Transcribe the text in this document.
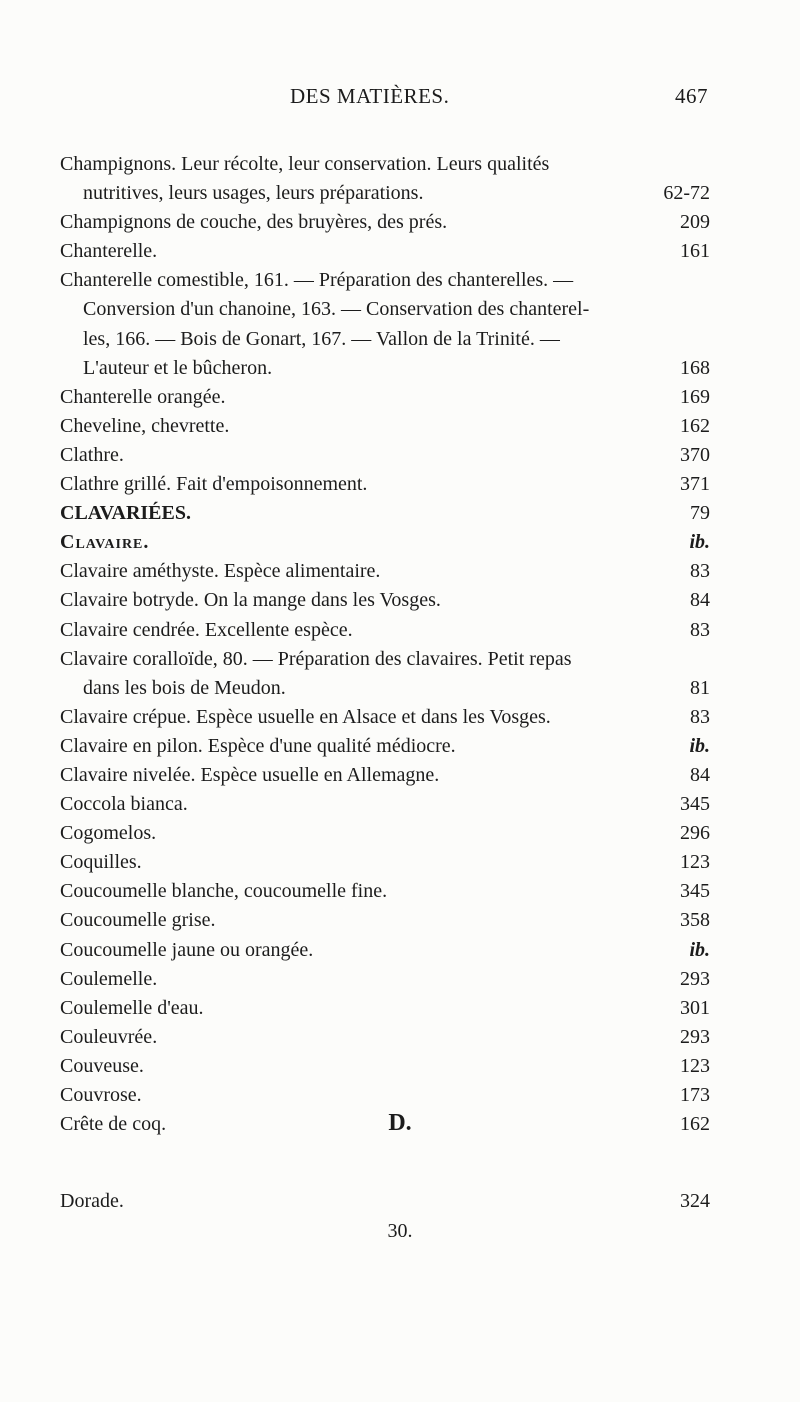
DES MATIÈRES.	467
Champignons. Leur récolte, leur conservation. Leurs qualités
nutritives, leurs usages, leurs préparations.	62-72
Champignons de couche, des bruyères, des prés.	209
Chanterelle.	161
Chanterelle comestible, 161. — Préparation des chanterelles. —
Conversion d'un chanoine, 163. — Conservation des chanterel-
les, 166. — Bois de Gonart, 167. — Vallon de la Trinité. —
L'auteur et le bûcheron.	168
Chanterelle orangée.	169
Cheveline, chevrette.	162
Clathre.	370
Clathre grillé. Fait d'empoisonnement.	371
CLAVARIÉES.	79
Clavaire.	ib.
Clavaire améthyste. Espèce alimentaire.	83
Clavaire botryde. On la mange dans les Vosges.	84
Clavaire cendrée. Excellente espèce.	83
Clavaire coralloïde, 80. — Préparation des clavaires. Petit repas
dans les bois de Meudon.	81
Clavaire crépue. Espèce usuelle en Alsace et dans les Vosges.	83
Clavaire en pilon. Espèce d'une qualité médiocre.	ib.
Clavaire nivelée. Espèce usuelle en Allemagne.	84
Coccola bianca.	345
Cogomelos.	296
Coquilles.	123
Coucoumelle blanche, coucoumelle fine.	345
Coucoumelle grise.	358
Coucoumelle jaune ou orangée.	ib.
Coulemelle.	293
Coulemelle d'eau.	301
Couleuvrée.	293
Couveuse.	123
Couvrose.	173
Crête de coq.	162
D.
Dorade.	324
30.
